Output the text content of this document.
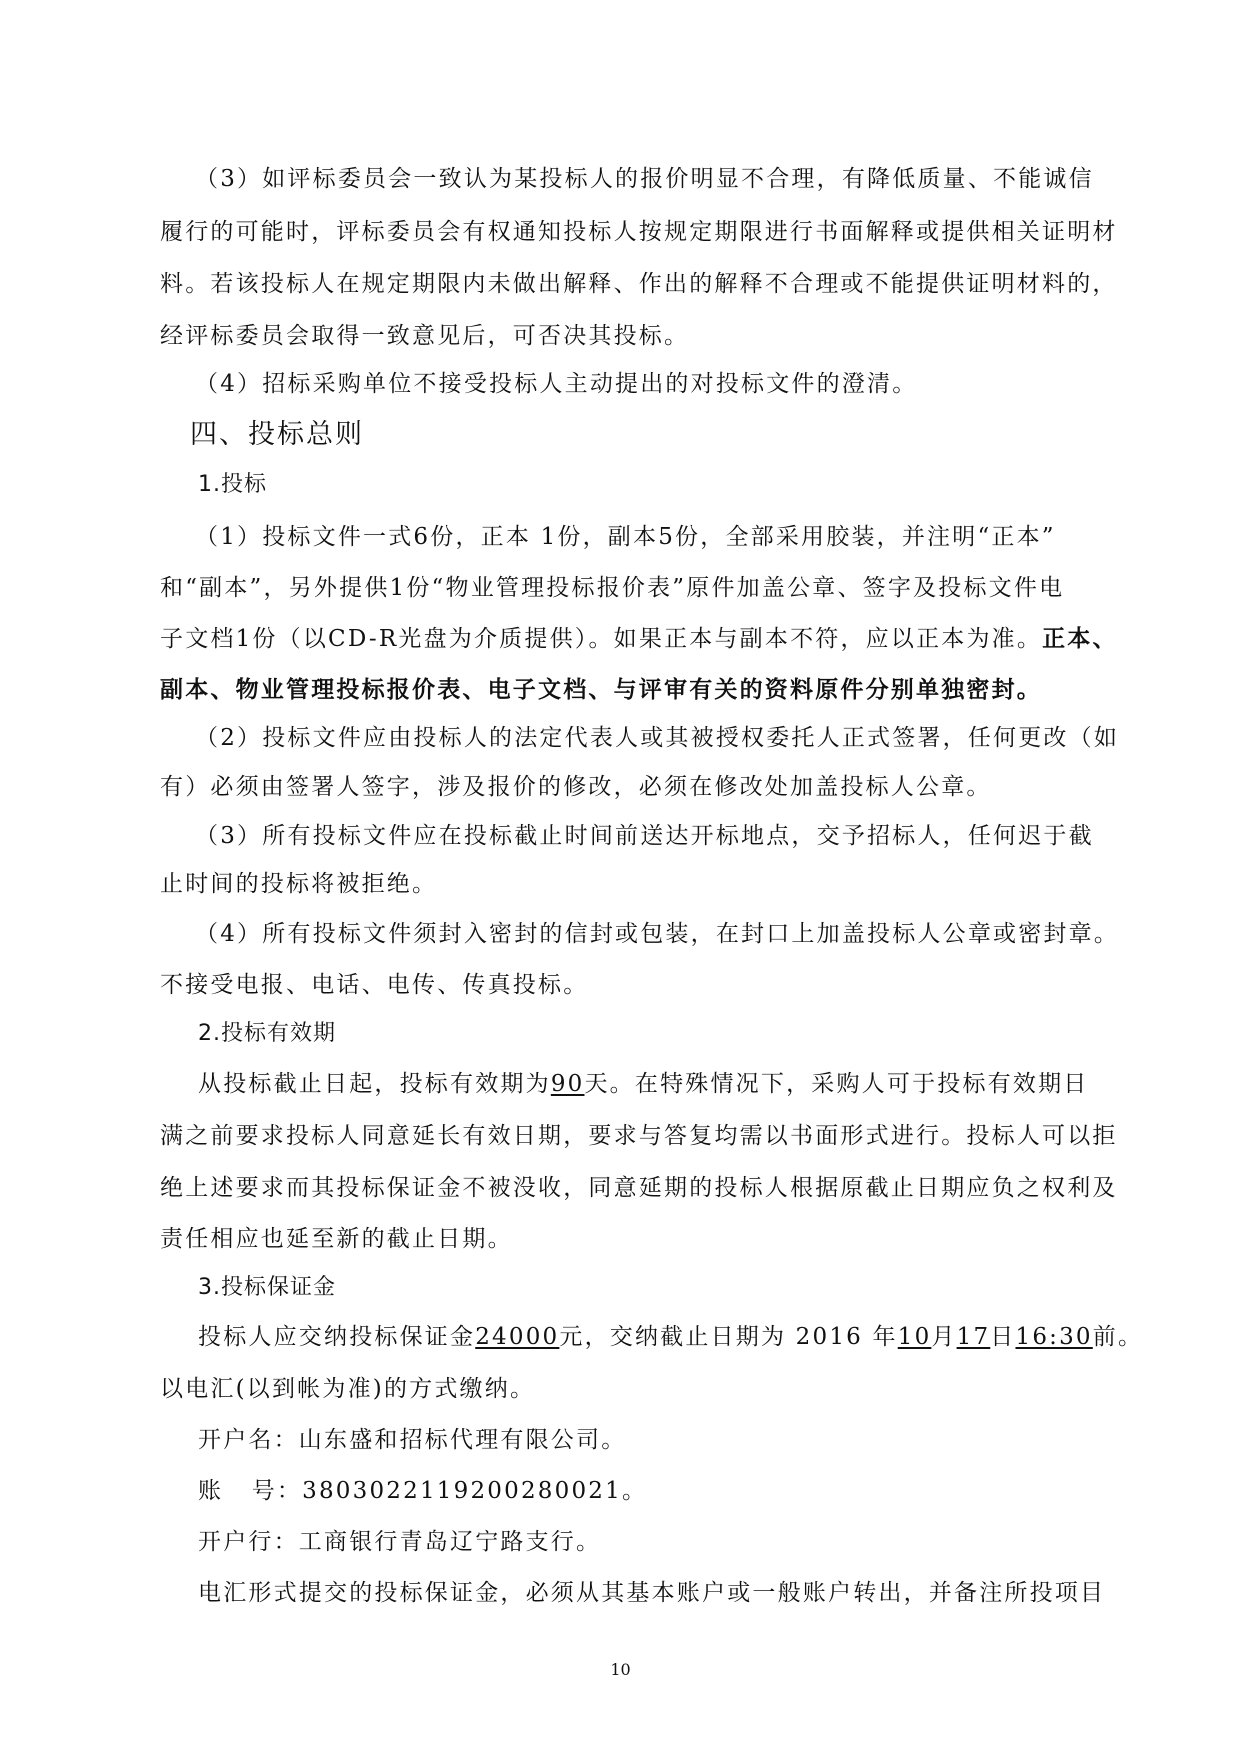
（3）如评标委员会一致认为某投标人的报价明显不合理，有降低质量、不能诚信
履行的可能时，评标委员会有权通知投标人按规定期限进行书面解释或提供相关证明材
料。若该投标人在规定期限内未做出解释、作出的解释不合理或不能提供证明材料的，
经评标委员会取得一致意见后，可否决其投标。
（4）招标采购单位不接受投标人主动提出的对投标文件的澄清。
四、投标总则
1.投标
（1）投标文件一式6份，正本 1份，副本5份，全部采用胶装，并注明“正本”
和“副本”，另外提供1份“物业管理投标报价表”原件加盖公章、签字及投标文件电
子文档1份（以CD-R光盘为介质提供）。如果正本与副本不符，应以正本为准。正本、
副本、物业管理投标报价表、电子文档、与评审有关的资料原件分别单独密封。
（2）投标文件应由投标人的法定代表人或其被授权委托人正式签署，任何更改（如
有）必须由签署人签字，涉及报价的修改，必须在修改处加盖投标人公章。
（3）所有投标文件应在投标截止时间前送达开标地点，交予招标人，任何迟于截
止时间的投标将被拒绝。
（4）所有投标文件须封入密封的信封或包装，在封口上加盖投标人公章或密封章。
不接受电报、电话、电传、传真投标。
2.投标有效期
从投标截止日起，投标有效期为90天。在特殊情况下，采购人可于投标有效期日
满之前要求投标人同意延长有效日期，要求与答复均需以书面形式进行。投标人可以拒
绝上述要求而其投标保证金不被没收，同意延期的投标人根据原截止日期应负之权利及
责任相应也延至新的截止日期。
3.投标保证金
投标人应交纳投标保证金24000元，交纳截止日期为 2016 年10月17日16:30前。
以电汇(以到帐为准)的方式缴纳。
开户名：山东盛和招标代理有限公司。
账   号：3803022119200280021。
开户行：工商银行青岛辽宁路支行。
电汇形式提交的投标保证金，必须从其基本账户或一般账户转出，并备注所投项目
10
